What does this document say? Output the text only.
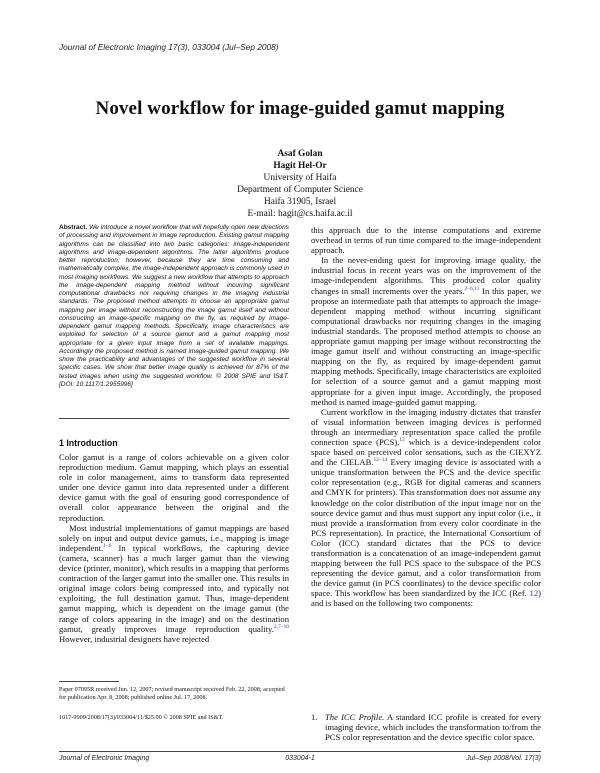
Journal of Electronic Imaging 17(3), 033004 (Jul–Sep 2008)
Novel workflow for image-guided gamut mapping
Asaf Golan
Hagit Hel-Or
University of Haifa
Department of Computer Science
Haifa 31905, Israel
E-mail: hagit@cs.haifa.ac.il
Abstract. We introduce a novel workflow that will hopefully open new directions of processing and improvement in image reproduction. Existing gamut mapping algorithms can be classified into two basic categories: image-independent algorithms and image-dependent algorithms. The latter algorithms produce better reproduction; however, because they are time consuming and mathematically complex, the image-independent approach is commonly used in most imaging workflows. We suggest a new workflow that attempts to approach the image-dependent mapping method without incurring significant computational drawbacks nor requiring changes in the imaging industrial standards. The proposed method attempts to choose an appropriate gamut mapping per image without reconstructing the image gamut itself and without constructing an image-specific mapping on the fly, as required by image-dependent gamut mapping methods. Specifically, image characteristics are exploited for selection of a source gamut and a gamut mapping most appropriate for a given input image from a set of available mappings. Accordingly the proposed method is named image-guided gamut mapping. We show the practicability and advantages of the suggested workflow in several specific cases. We show that better image quality is achieved for 87% of the tested images when using the suggested workflow. © 2008 SPIE and IS&T. [DOI: 10.1117/1.2955996]
1 Introduction

Color gamut is a range of colors achievable on a given color reproduction medium. Gamut mapping, which plays an essential role in color management, aims to transform data represented under one device gamut into data represented under a different device gamut with the goal of ensuring good correspondence of overall color appearance between the original and the reproduction.

Most industrial implementations of gamut mappings are based solely on input and output device gamuts, i.e., mapping is image independent.$^{1-6}$ In typical workflows, the capturing device (camera, scanner) has a much larger gamut than the viewing device (printer, monitor), which results in a mapping that performs contraction of the larger gamut into the smaller one. This results in original image colors being compressed into, and typically not exploiting, the full destination gamut. Thus, image-dependent gamut mapping, which is dependent on the image gamut (the range of colors appearing in the image) and on the destination gamut, greatly improves image reproduction quality.$^{2,7-10}$ However, industrial designers have rejected

Paper 07095R received Jun. 12, 2007; revised manuscript received Feb. 22, 2008; accepted for publication Apr. 8, 2008; published online Jul. 17, 2008.
1017-9909/2008/17(3)/033004/11/$25.00 © 2008 SPIE and IS&T.

this approach due to the intense computations and extreme overhead in terms of run time compared to the image-independent approach.

In the never-ending quest for improving image quality, the industrial focus in recent years was on the improvement of the image-independent algorithms. This produced color quality changes in small increments over the years.$^{2-6,11}$ In this paper, we propose an intermediate path that attempts to approach the image-dependent mapping method without incurring significant computational drawbacks nor requiring changes in the imaging industrial standards. The proposed method attempts to choose an appropriate gamut mapping per image without reconstructing the image gamut itself and without constructing an image-specific mapping on the fly, as required by image-dependent gamut mapping methods. Specifically, image characteristics are exploited for selection of a source gamut and a gamut mapping most appropriate for a given input image. Accordingly, the proposed method is named image-guided gamut mapping.

Current workflow in the imaging industry dictates that transfer of visual information between imaging devices is performed through an intermediary representation space called the profile connection space (PCS),$^{12}$ which is a device-independent color space based on perceived color sensations, such as the CIEXYZ and the CIELAB.$^{12-14}$ Every imaging device is associated with a unique transformation between the PCS and the device specific color representation (e.g., RGB for digital cameras and scanners and CMYK for printers). This transformation does not assume any knowledge on the color distribution of the input image nor on the source device gamut and thus must support any input color (i.e., it must provide a transformation from every color coordinate in the PCS representation). In practice, the International Consortium of Color (ICC) standard dictates that the PCS to device transformation is a concatenation of an image-independent gamut mapping between the full PCS space to the subspace of the PCS representing the device gamut, and a color transformation from the device gamut (in PCS coordinates) to the device specific color space. This workflow has been standardized by the ICC (Ref. 12) and is based on the following two components:

1. The ICC Profile. A standard ICC profile is created for every imaging device, which includes the transformation to/from the PCS color representation and the device specific color space.
Journal of Electronic Imaging	033004-1	Jul–Sep 2008/Vol. 17(3)
